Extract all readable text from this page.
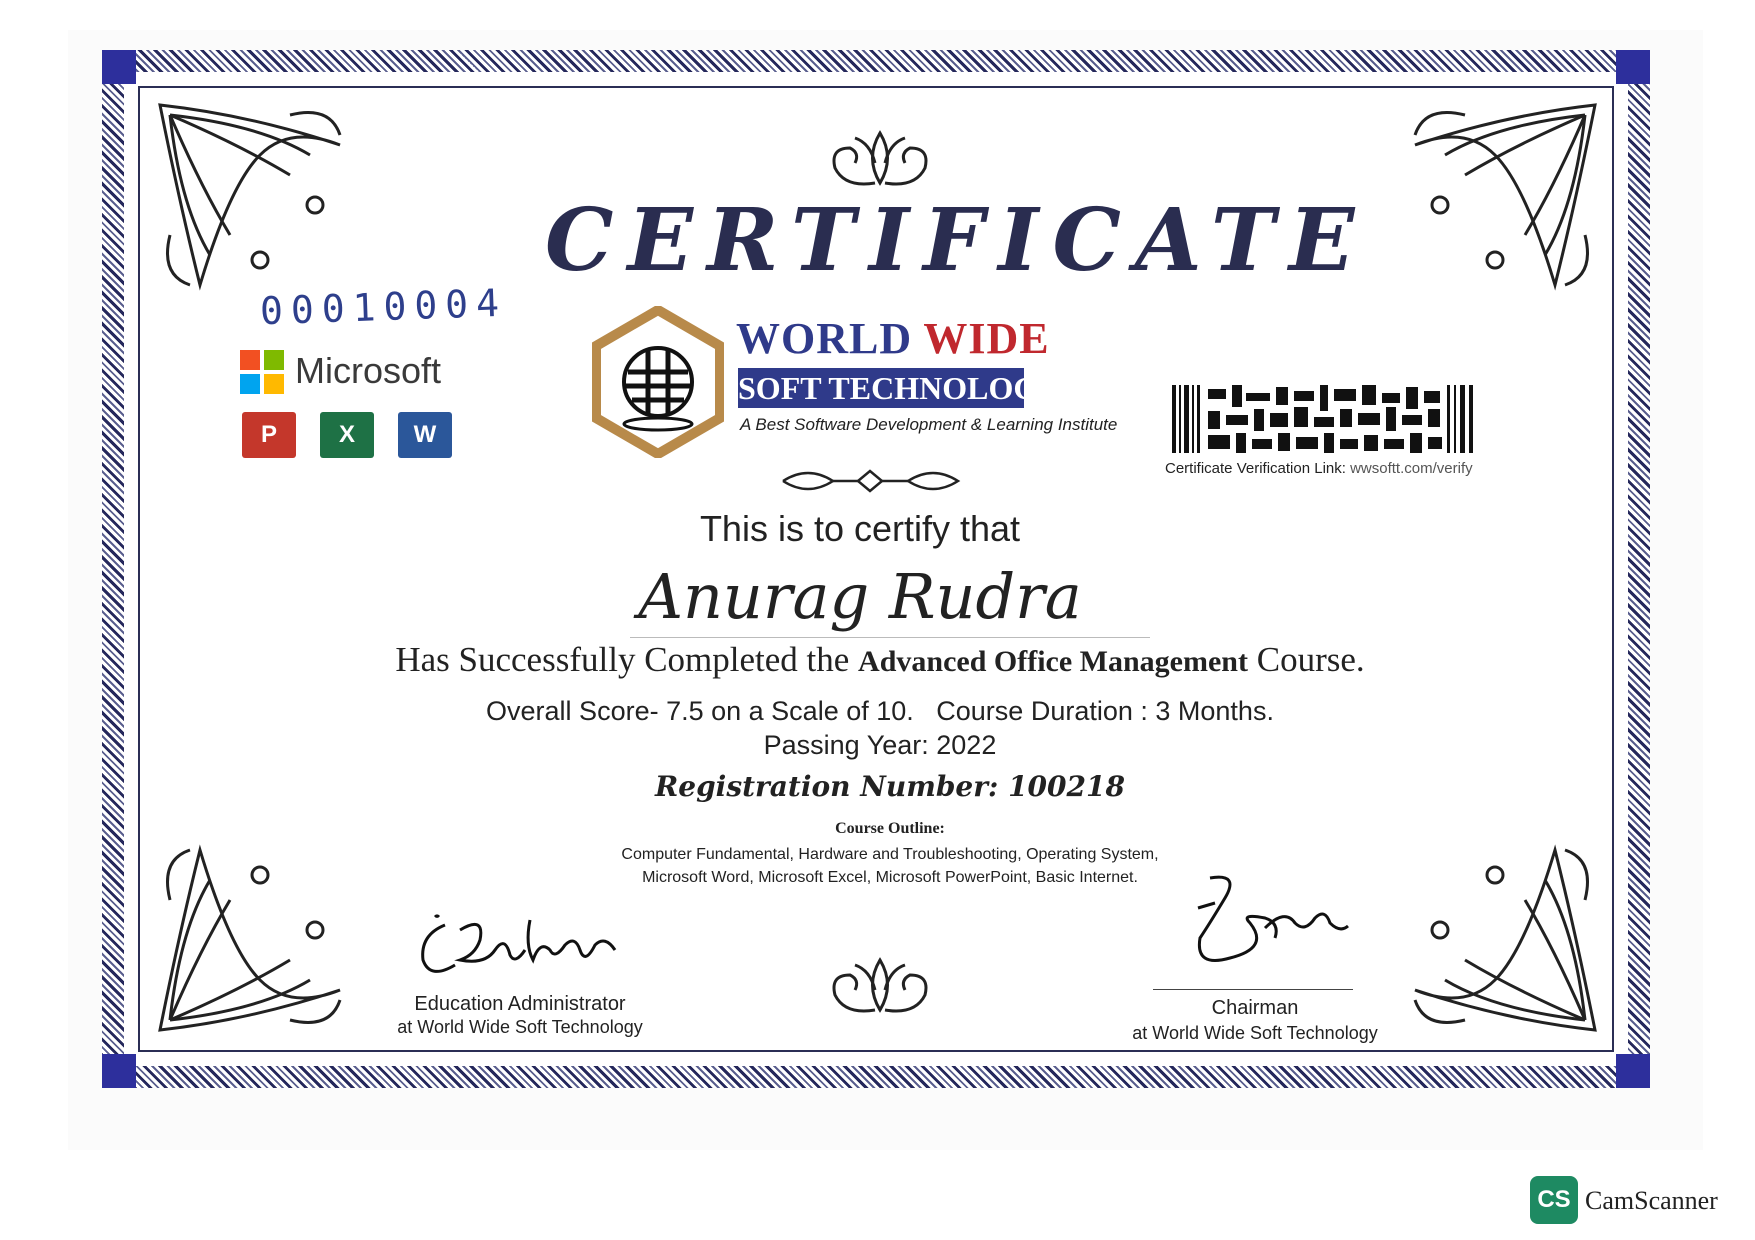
CERTIFICATE
00010004
Microsoft
P	X	W
WORLD WIDE
SOFT TECHNOLOGY
A Best Software Development & Learning Institute
Certificate Verification Link: wwsoftt.com/verify
This is to certify that
Anurag Rudra
Has Successfully Completed the Advanced Office Management Course.
Overall Score- 7.5 on a Scale of 10. Course Duration : 3 Months.
Passing Year: 2022
Registration Number: 100218
Course Outline:
Computer Fundamental, Hardware and Troubleshooting, Operating System,
Microsoft Word, Microsoft Excel, Microsoft PowerPoint, Basic Internet.
Education Administrator
at World Wide Soft Technology
Chairman
at World Wide Soft Technology
CS CamScanner
